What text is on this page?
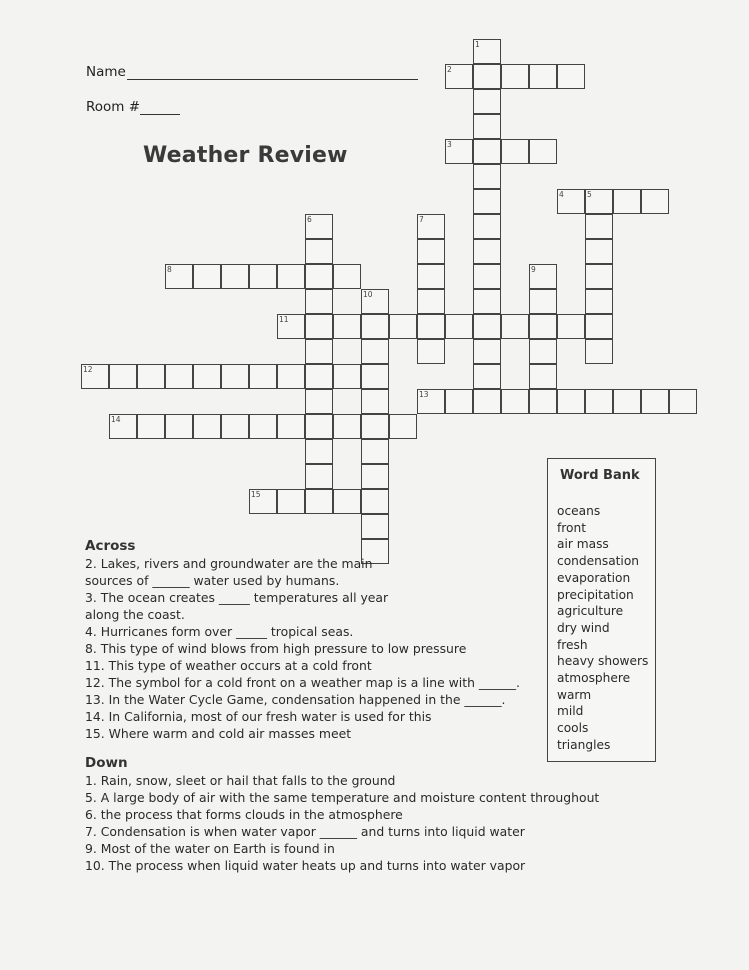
Name
Room #
Weather Review
1
2
3
4	5
6	7
8	9
10
11
12
13
14
15
Across
2. Lakes, rivers and groundwater are the main
sources of ______ water used by humans.
3. The ocean creates _____ temperatures all year
along the coast.
4. Hurricanes form over _____ tropical seas.
8. This type of wind blows from high pressure to low pressure
11. This type of weather occurs at a cold front
12. The symbol for a cold front on a weather map is a line with ______.
13. In the Water Cycle Game, condensation happened in the ______.
14. In California, most of our fresh water is used for this
15. Where warm and cold air masses meet
Down
1. Rain, snow, sleet or hail that falls to the ground
5. A large body of air with the same temperature and moisture content throughout
6. the process that forms clouds in the atmosphere
7. Condensation is when water vapor ______ and turns into liquid water
9. Most of the water on Earth is found in
10. The process when liquid water heats up and turns into water vapor
Word Bank
oceans
front
air mass
condensation
evaporation
precipitation
agriculture
dry wind
fresh
heavy showers
atmosphere
warm
mild
cools
triangles
